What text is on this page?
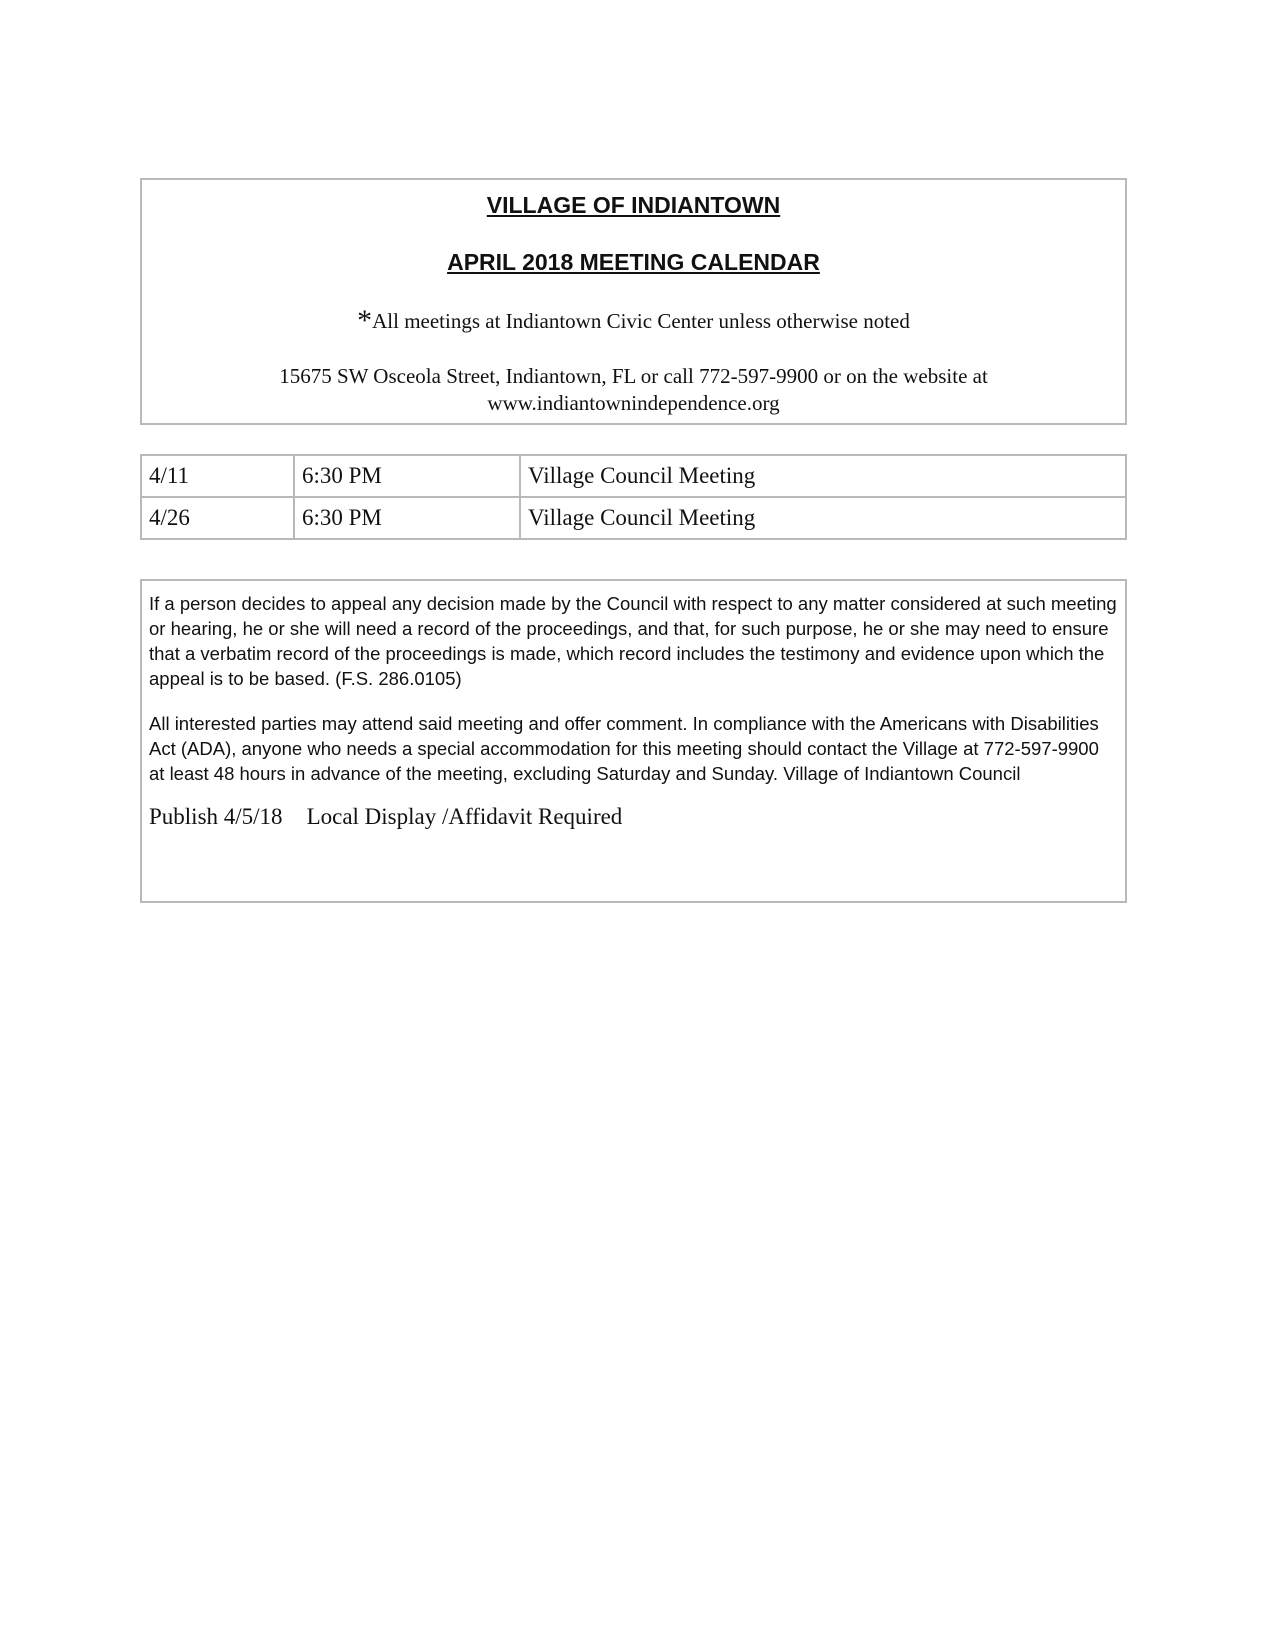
VILLAGE OF INDIANTOWN
APRIL 2018 MEETING CALENDAR
*All meetings at Indiantown Civic Center unless otherwise noted
15675 SW Osceola Street, Indiantown, FL or call 772-597-9900 or on the website at
www.indiantownindependence.org
4/11	6:30 PM	Village Council Meeting
4/26	6:30 PM	Village Council Meeting

If a person decides to appeal any decision made by the Council with respect to any matter considered at such meeting or hearing, he or she will need a record of the proceedings, and that, for such purpose, he or she may need to ensure that a verbatim record of the proceedings is made, which record includes the testimony and evidence upon which the appeal is to be based. (F.S. 286.0105)

All interested parties may attend said meeting and offer comment. In compliance with the Americans with Disabilities Act (ADA), anyone who needs a special accommodation for this meeting should contact the Village at 772-597-9900 at least 48 hours in advance of the meeting, excluding Saturday and Sunday. Village of Indiantown Council

Publish 4/5/18 Local Display /Affidavit Required
